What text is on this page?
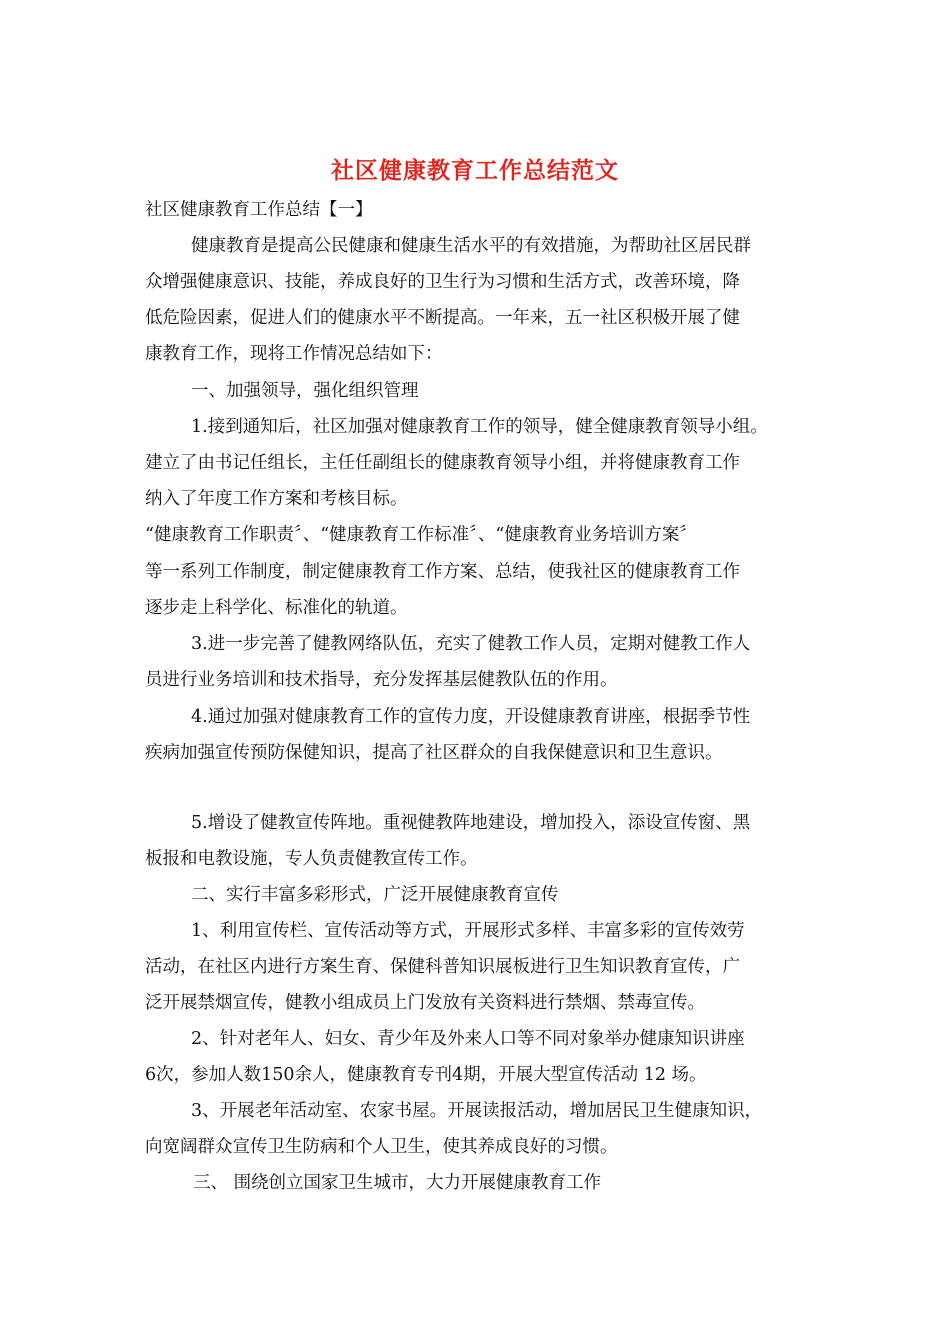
社区健康教育工作总结范文
社区健康教育工作总结【一】
健康教育是提高公民健康和健康生活水平的有效措施，为帮助社区居民群
众增强健康意识、技能，养成良好的卫生行为习惯和生活方式，改善环境，降
低危险因素，促进人们的健康水平不断提高。一年来，五一社区积极开展了健
康教育工作，现将工作情况总结如下：
一、加强领导，强化组织管理
1.接到通知后，社区加强对健康教育工作的领导，健全健康教育领导小组。
建立了由书记任组长，主任任副组长的健康教育领导小组，并将健康教育工作
纳入了年度工作方案和考核目标。
“健康教育工作职责〞、“健康教育工作标准〞、“健康教育业务培训方案〞
等一系列工作制度，制定健康教育工作方案、总结，使我社区的健康教育工作
逐步走上科学化、标准化的轨道。
3.进一步完善了健教网络队伍，充实了健教工作人员，定期对健教工作人
员进行业务培训和技术指导，充分发挥基层健教队伍的作用。
4.通过加强对健康教育工作的宣传力度，开设健康教育讲座，根据季节性
疾病加强宣传预防保健知识，提高了社区群众的自我保健意识和卫生意识。
5.增设了健教宣传阵地。重视健教阵地建设，增加投入，添设宣传窗、黑
板报和电教设施，专人负责健教宣传工作。
二、实行丰富多彩形式，广泛开展健康教育宣传
1、利用宣传栏、宣传活动等方式，开展形式多样、丰富多彩的宣传效劳
活动，在社区内进行方案生育、保健科普知识展板进行卫生知识教育宣传，广
泛开展禁烟宣传，健教小组成员上门发放有关资料进行禁烟、禁毒宣传。
2、针对老年人、妇女、青少年及外来人口等不同对象举办健康知识讲座
6次，参加人数150余人，健康教育专刊4期，开展大型宣传活动 12 场。
3、开展老年活动室、农家书屋。开展读报活动，增加居民卫生健康知识，
向宽阔群众宣传卫生防病和个人卫生，使其养成良好的习惯。
三、 围绕创立国家卫生城市，大力开展健康教育工作
